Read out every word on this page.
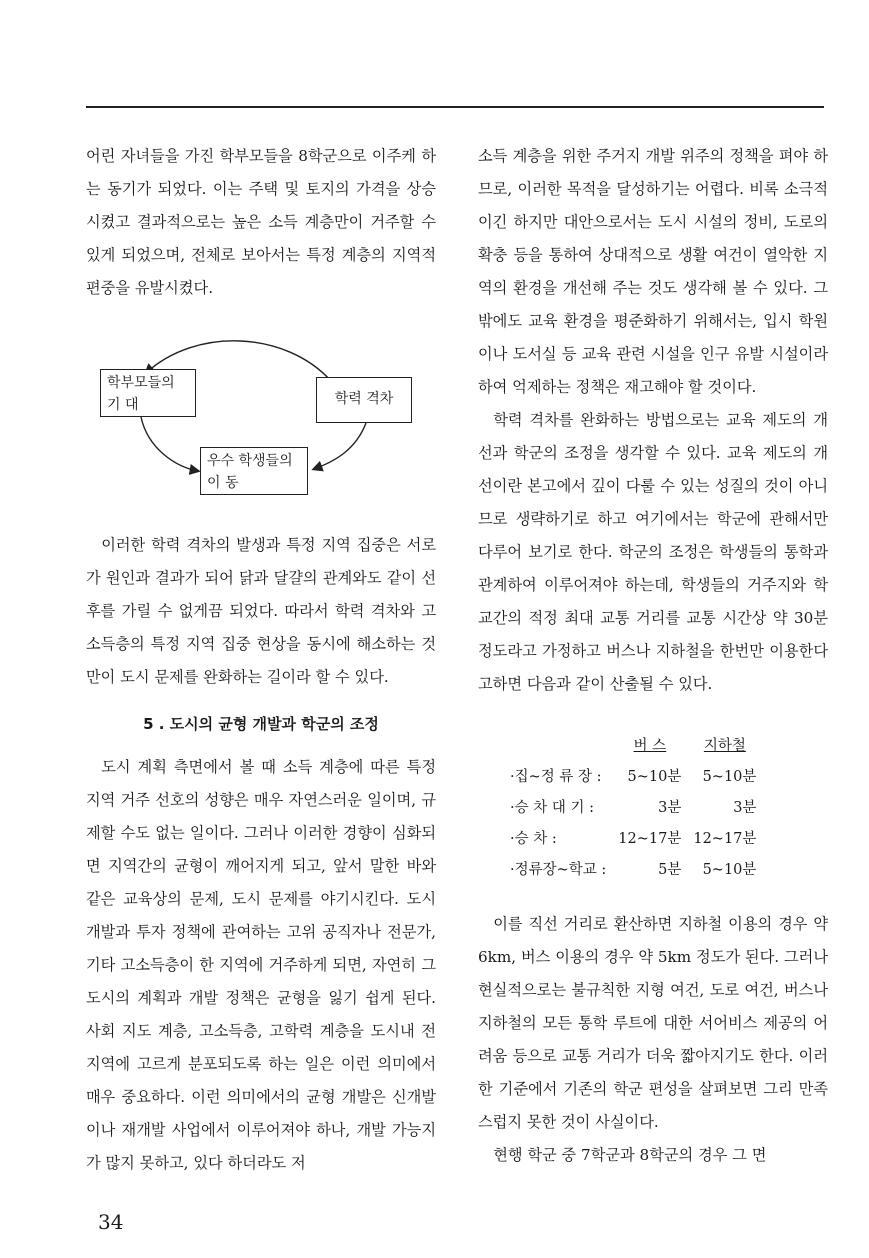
어린 자녀들을 가진 학부모들을 8학군으로 이주케 하는 동기가 되었다. 이는 주택 및 토지의 가격을 상승시켰고 결과적으로는 높은 소득 계층만이 거주할 수 있게 되었으며, 전체로 보아서는 특정 계층의 지역적 편중을 유발시켰다.

학부모들의
기 대	학력 격차
우수 학생들의
이 동

이러한 학력 격차의 발생과 특정 지역 집중은 서로가 원인과 결과가 되어 닭과 달걀의 관계와도 같이 선후를 가릴 수 없게끔 되었다. 따라서 학력 격차와 고소득층의 특정 지역 집중 현상을 동시에 해소하는 것만이 도시 문제를 완화하는 길이라 할 수 있다.

5 . 도시의 균형 개발과 학군의 조정

도시 계획 측면에서 볼 때 소득 계층에 따른 특정 지역 거주 선호의 성향은 매우 자연스러운 일이며, 규제할 수도 없는 일이다. 그러나 이러한 경향이 심화되면 지역간의 균형이 깨어지게 되고, 앞서 말한 바와 같은 교육상의 문제, 도시 문제를 야기시킨다. 도시 개발과 투자 정책에 관여하는 고위 공직자나 전문가, 기타 고소득층이 한 지역에 거주하게 되면, 자연히 그 도시의 계획과 개발 정책은 균형을 잃기 쉽게 된다. 사회 지도 계층, 고소득층, 고학력 계층을 도시내 전지역에 고르게 분포되도록 하는 일은 이런 의미에서 매우 중요하다. 이런 의미에서의 균형 개발은 신개발이나 재개발 사업에서 이루어져야 하나, 개발 가능지가 많지 못하고, 있다 하더라도 저

소득 계층을 위한 주거지 개발 위주의 정책을 펴야 하므로, 이러한 목적을 달성하기는 어렵다. 비록 소극적이긴 하지만 대안으로서는 도시 시설의 정비, 도로의 확충 등을 통하여 상대적으로 생활 여건이 열악한 지역의 환경을 개선해 주는 것도 생각해 볼 수 있다. 그 밖에도 교육 환경을 평준화하기 위해서는, 입시 학원이나 도서실 등 교육 관련 시설을 인구 유발 시설이라 하여 억제하는 정책은 재고해야 할 것이다.

학력 격차를 완화하는 방법으로는 교육 제도의 개선과 학군의 조정을 생각할 수 있다. 교육 제도의 개선이란 본고에서 깊이 다룰 수 있는 성질의 것이 아니므로 생략하기로 하고 여기에서는 학군에 관해서만 다루어 보기로 한다. 학군의 조정은 학생들의 통학과 관계하여 이루어져야 하는데, 학생들의 거주지와 학교간의 적정 최대 교통 거리를 교통 시간상 약 30분 정도라고 가정하고 버스나 지하철을 한번만 이용한다고하면 다음과 같이 산출될 수 있다.

	버 스	지하철
·집~정 류 장 :	5~10분	5~10분
·승 차 대 기 :	3분	3분
·승 차 :	12~17분	12~17분
·정류장~학교 :	5분	5~10분

이를 직선 거리로 환산하면 지하철 이용의 경우 약 6km, 버스 이용의 경우 약 5km 정도가 된다. 그러나 현실적으로는 불규칙한 지형 여건, 도로 여건, 버스나 지하철의 모든 통학 루트에 대한 서어비스 제공의 어려움 등으로 교통 거리가 더욱 짧아지기도 한다. 이러한 기준에서 기존의 학군 편성을 살펴보면 그리 만족스럽지 못한 것이 사실이다.

현행 학군 중 7학군과 8학군의 경우 그 면

34
